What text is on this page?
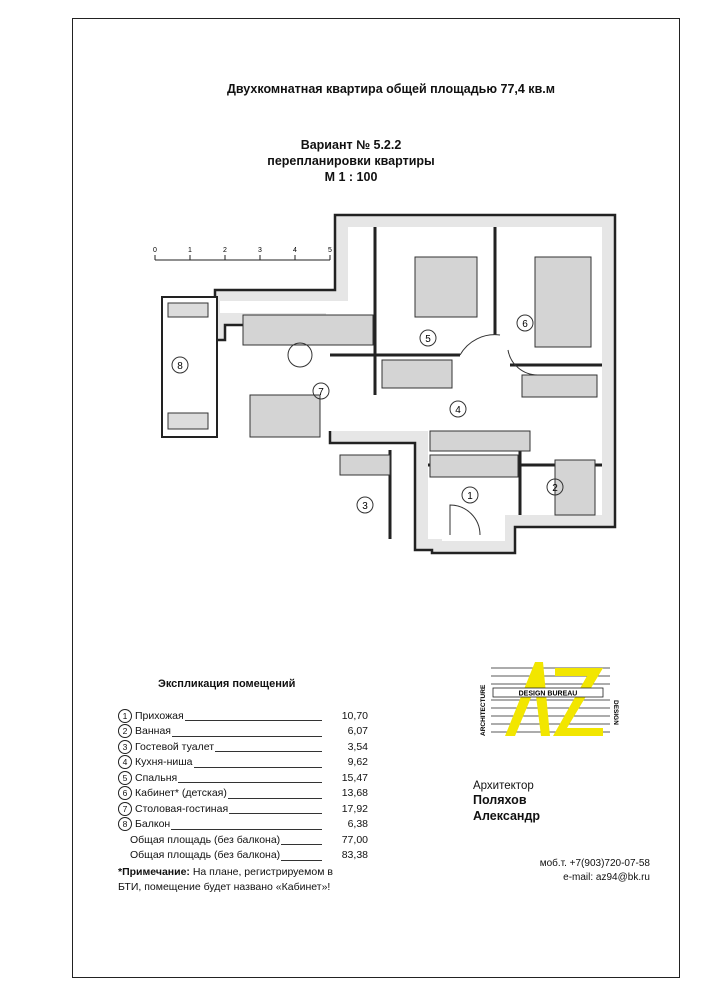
Двухкомнатная квартира общей площадью 77,4 кв.м
Вариант № 5.2.2
перепланировки квартиры
М 1 : 100
0	1	2	3	4	5
1
2
3
4
5
6
7
8
Экспликация помещений
1 Прихожая	10,70
2 Ванная	6,07
3 Гостевой туалет	3,54
4 Кухня-ниша	9,62
5 Спальня	15,47
6 Кабинет* (детская)	13,68
7 Столовая-гостиная	17,92
8 Балкон	6,38
Общая площадь (без балкона)	77,00
Общая площадь (без балкона)	83,38
*Примечание: На плане, регистрируемом в БТИ, помещение будет названо «Кабинет»!
DESIGN BUREAU
ARCHITECTURE	DESIGN
Архитектор
Поляхов
Александр
моб.т. +7(903)720-07-58
e-mail: az94@bk.ru
